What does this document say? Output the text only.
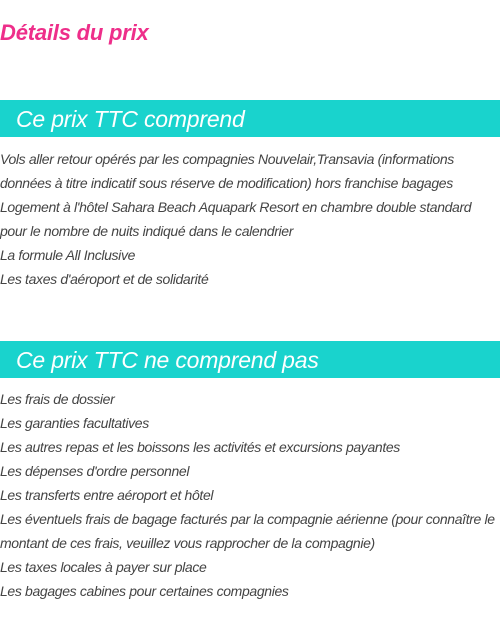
Détails du prix
Ce prix TTC comprend
Vols aller retour opérés par les compagnies Nouvelair,Transavia (informations données à titre indicatif sous réserve de modification) hors franchise bagages
Logement à l'hôtel Sahara Beach Aquapark Resort en chambre double standard pour le nombre de nuits indiqué dans le calendrier
La formule All Inclusive
Les taxes d'aéroport et de solidarité
Ce prix TTC ne comprend pas
Les frais de dossier
Les garanties facultatives
Les autres repas et les boissons les activités et excursions payantes
Les dépenses d'ordre personnel
Les transferts entre aéroport et hôtel
Les éventuels frais de bagage facturés par la compagnie aérienne (pour connaître le montant de ces frais, veuillez vous rapprocher de la compagnie)
Les taxes locales à payer sur place
Les bagages cabines pour certaines compagnies
